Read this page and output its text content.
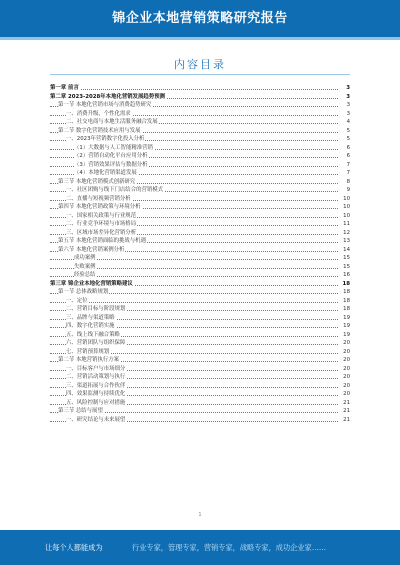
锦企业本地营销策略研究报告
内容目录
第一章 前言	3
第二章 2023-2028年本地化营销发展趋势预测	3
第一节 本地化营销市场与消费趋势研究	3
一、消费升级，个性化需求	3
二、社交电商与本地生活服务融合发展	4
第二节 数字化营销技术应用与发展	5
一、2023年营销数字化投入分析	5
（1）大数据与人工智能精准营销	6
（2）营销自动化平台应用分析	6
（3）营销效果评估与数据分析	7
（4）本地化营销渠道发展	7
第三节 本地化营销模式创新研究	8
一、社区团购与线下门店结合的营销模式	9
二、直播与短视频营销分析	10
第四节 本地化营销政策与环境分析	10
一、国家相关政策与行业规范	10
二、行业竞争环境与市场格局	11
三、区域市场差异化营销分析	12
第五节 本地化营销面临的挑战与机遇	13
第六节 本地化营销案例分析	14
成功案例	15
失败案例	15
经验总结	16
第三章 锦企业本地化营销策略建议	18
第一节 总体战略规划	18
一、定位	18
二、营销目标与阶段规划	18
三、品牌与渠道策略	19
四、数字化营销实施	19
五、线上线下融合策略	19
六、营销团队与组织保障	20
七、营销预算规划	20
第二节 本地营销执行方案	20
一、目标客户与市场细分	20
二、营销活动策划与执行	20
三、渠道拓展与合作伙伴	20
四、效果监测与持续优化	20
五、风险控制与应对措施	21
第三节 总结与展望	21
一、研究结论与未来展望	21
1
让每个人都能成为	行业专家，管理专家，营销专家，战略专家，成功企业家……
